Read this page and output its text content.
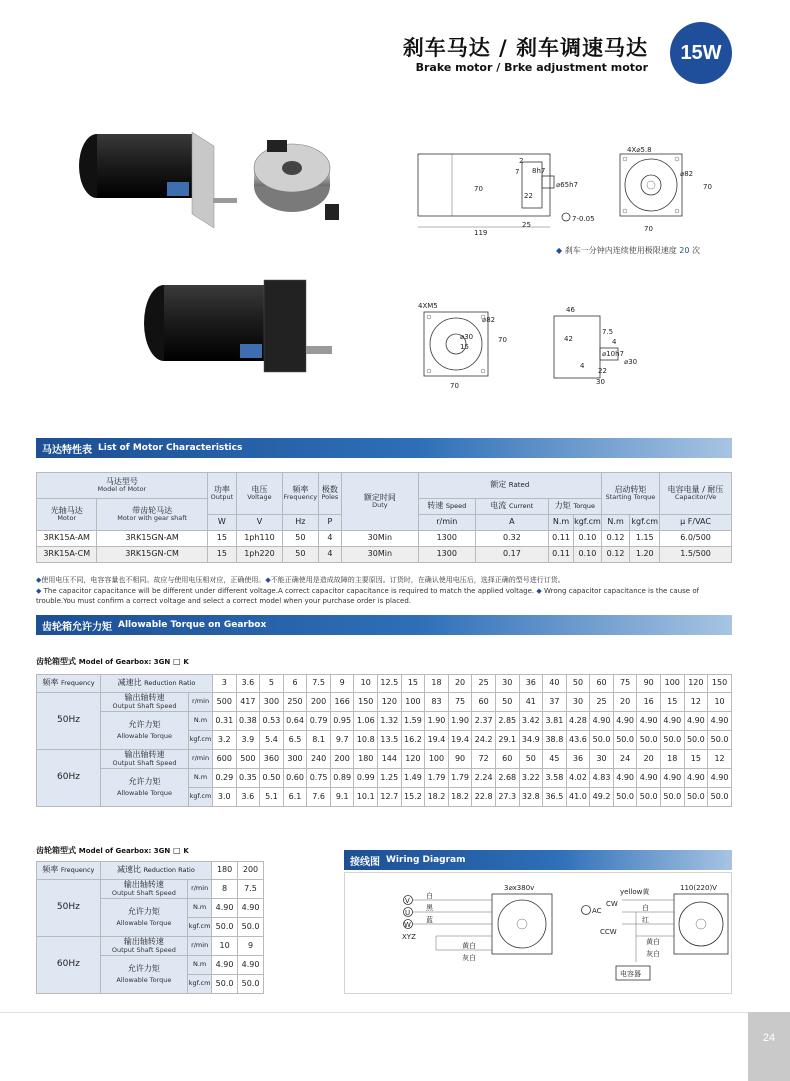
刹车马达 / 刹车调速马达
Brake motor / Brke adjustment motor
15W
70
2
7 8h7
⌀65h7
22
25
119
7-0.05
4X⌀5.8
⌀82
70
70
◆ 刹车一分钟内连续使用极限速度 20 次
4XM5
⌀82
⌀30
15
70
70
46
42
7.5
4
⌀10h7
⌀30
4
22
30
马达特性表 List of Motor Characteristics
马达型号
Model of Motor		功率
Output	电压
Voltage	频率
Frequency	极数
Poles	额定时间
Duty	额定 Rated				启动转矩
Starting Torque		电容电量 / 耐压
Capacitor/Ve

光轴马达
Motor	带齿轮马达
Motor with gear shaft						转速 Speed	电流 Current	力矩 Torque				
		W	V	Hz	P		r/min	A	N.m	kgf.cm	N.m	kgf.cm	μ F/VAC
3RK15A-AM	3RK15GN-AM	15	1ph110	50	4	30Min	1300	0.32	0.11	0.10	0.12	1.15	6.0/500
3RK15A-CM	3RK15GN-CM	15	1ph220	50	4	30Min	1300	0.17	0.11	0.10	0.12	1.20	1.5/500
◆使用电压不同，电容容量也不相同。故应与使用电压相对应，正确使用。◆不能正确使用是造成故障的主要原因。订货时，在确认使用电压后，选择正确的型号进行订货。
◆ The capacitor capacitance will be different under different voltage.A correct capacitor capacitance is required to match the applied voltage. ◆ Wrong capacitor capacitance is the cause of trouble.You must confirm a correct voltage and select a correct model when your purchase order is placed.
齿轮箱允许力矩 Allowable Torque on Gearbox
齿轮箱型式 Model of Gearbox: 3GN □ K
频率 Frequency	减速比 Reduction Ratio		3	3.6	5	6	7.5	9	10	12.5	15	18	20	25	30	36	40	50	60	75	90	100	120	150
50Hz	输出轴转速
Output Shaft Speed	r/min	500	417	300	250	200	166	150	120	100	83	75	60	50	41	37	30	25	20	16	15	12	10
	允许力矩
Allowable Torque	N.m	0.31	0.38	0.53	0.64	0.79	0.95	1.06	1.32	1.59	1.90	1.90	2.37	2.85	3.42	3.81	4.28	4.90	4.90	4.90	4.90	4.90	4.90
		kgf.cm	3.2	3.9	5.4	6.5	8.1	9.7	10.8	13.5	16.2	19.4	19.4	24.2	29.1	34.9	38.8	43.6	50.0	50.0	50.0	50.0	50.0	50.0
60Hz	输出轴转速
Output Shaft Speed	r/min	600	500	360	300	240	200	180	144	120	100	90	72	60	50	45	36	30	24	20	18	15	12
	允许力矩
Allowable Torque	N.m	0.29	0.35	0.50	0.60	0.75	0.89	0.99	1.25	1.49	1.79	1.79	2.24	2.68	3.22	3.58	4.02	4.83	4.90	4.90	4.90	4.90	4.90
		kgf.cm	3.0	3.6	5.1	6.1	7.6	9.1	10.1	12.7	15.2	18.2	18.2	22.8	27.3	32.8	36.5	41.0	49.2	50.0	50.0	50.0	50.0	50.0
齿轮箱型式 Model of Gearbox: 3GN □ K
频率 Frequency	减速比 Reduction Ratio		180	200
50Hz	输出轴转速
Output Shaft Speed	r/min	8	7.5
	允许力矩
Allowable Torque	N.m	4.90	4.90
		kgf.cm	50.0	50.0
60Hz	输出轴转速
Output Shaft Speed	r/min	10	9
	允许力矩
Allowable Torque	N.m	4.90	4.90
		kgf.cm	50.0	50.0
接线图 Wiring Diagram
3⌀x380v
V
U
W
XYZ
白
黑
蓝
黄白
灰白
110(220)V
yellow黄
AC
CW
CCW
白
红
黄白
灰白
电容器
24
